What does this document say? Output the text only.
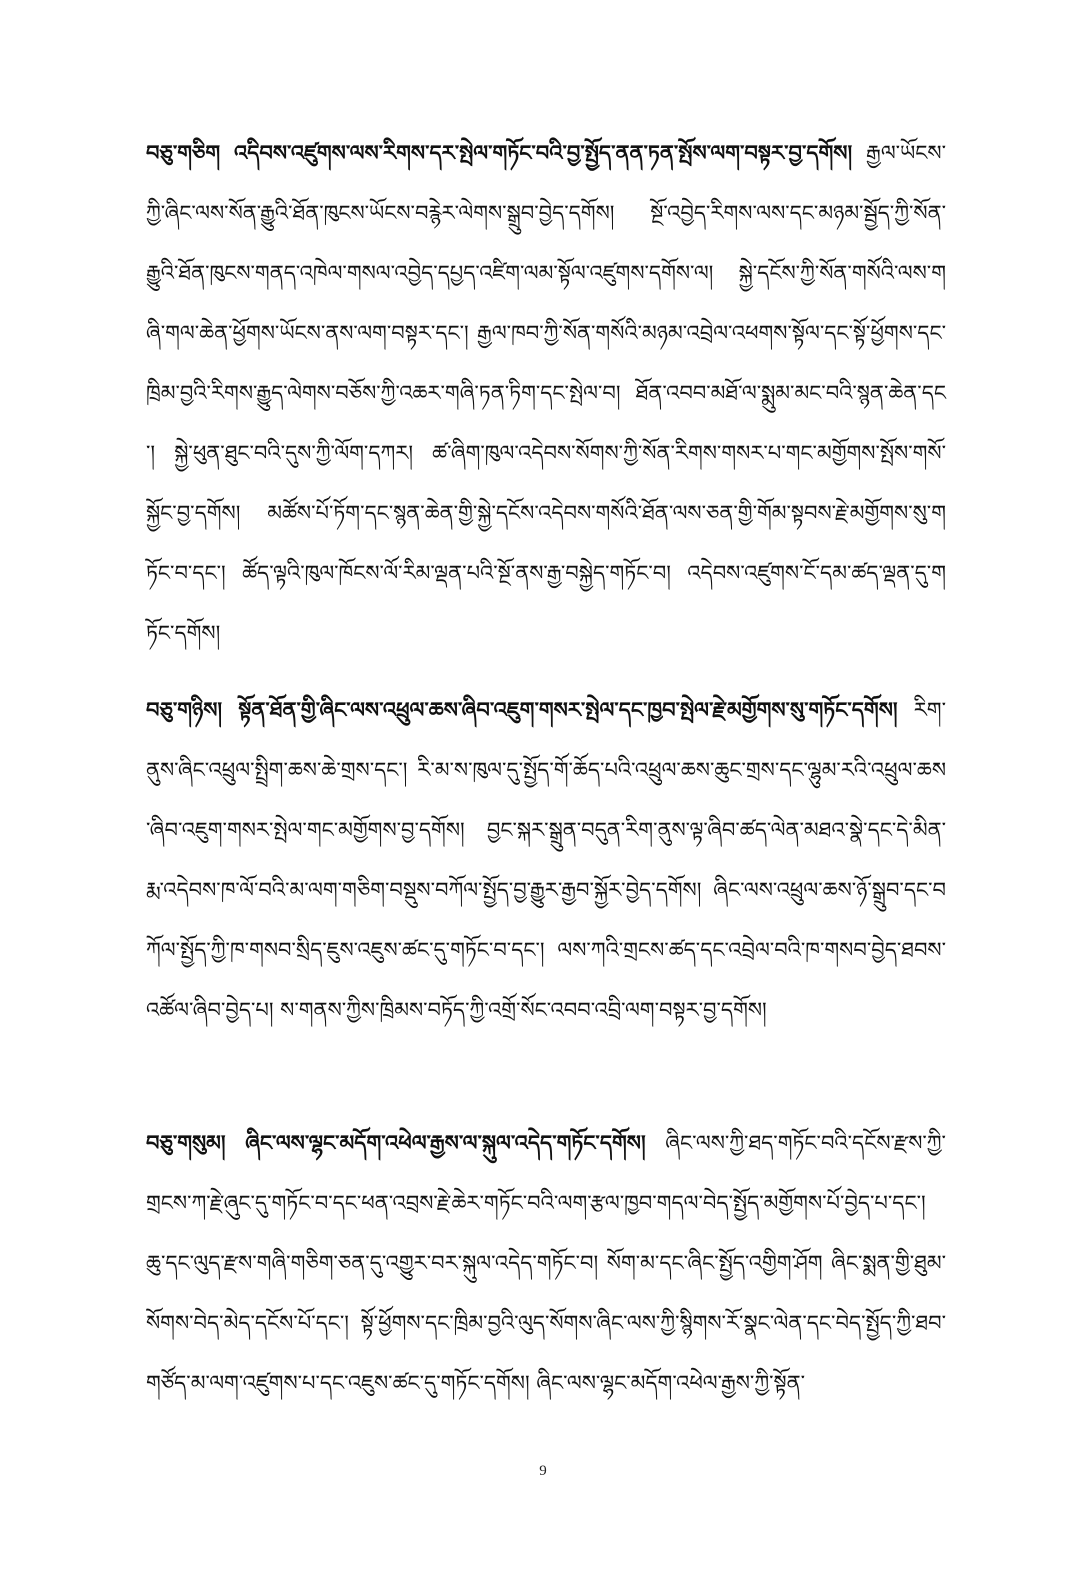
བཅུ་གཅིག འདིབས་འཛུགས་ལས་རིགས་དར་སྤེལ་གཏོང་བའི་བྱ་སྤྱོད་ནན་ཏན་སྤོས་ལག་བསྟར་བྱ་དགོས། རྒྱལ་ཡོངས་ཀྱི་ཞིང་ལས་སོན་རྒྱུའི་ཐོན་ཁུངས་ཡོངས་བརྙེར་ལེགས་སྒྲུབ་བྱེད་དགོས། སྔོ་འབྱེད་རིགས་ལས་དང་མཉམ་སྦྱོད་ཀྱི་སོན་རྒྱུའི་ཐོན་ཁུངས་གནད་འཁེལ་གསལ་འབྱེད་དཔྱད་འཛིག་ལམ་སྟོལ་འཛུགས་དགོས་ལ། སྐྱེ་དངོས་ཀྱི་སོན་གསོའི་ལས་གཞི་གལ་ཆེན་ཕྱོགས་ཡོངས་ནས་ལག་བསྟར་དང་། རྒྱལ་ཁབ་ཀྱི་སོན་གསོའི་མཉམ་འབྲེལ་འཕགས་སྟོལ་དང་སྟོ་ཕྱོགས་དང་ཁྲིམ་བྱའི་རིགས་རྒྱུད་ལེགས་བཅོས་ཀྱི་འཆར་གཞི་ཏན་ཏིག་དང་སྤེལ་བ། ཐོན་འབབ་མཐོ་ལ་སྨུམ་མང་བའི་སྙན་ཆེན་དང་། སྐྱེ་ཕུན་ཐུང་བའི་དུས་ཀྱི་ལོག་དཀར། ཚ་ཞིག་ཁུལ་འདེབས་སོགས་ཀྱི་སོན་རིགས་གསར་པ་གང་མགྱོགས་སྤོས་གསོ་སྐྱོང་བྱ་དགོས། མཚོས་པོ་ཏོག་དང་སྙན་ཆེན་གྱི་སྐྱེ་དངོས་འདེབས་གསོའི་ཐོན་ལས་ཅན་གྱི་གོམ་སྟབས་རྗེ་མགྱོགས་སུ་གཏོང་བ་དང་། ཚོད་ལྟའི་ཁུལ་ཁོངས་ལོ་རིམ་ལྡན་པའི་སྔོ་ནས་རྒྱ་བསྐྱེད་གཏོང་བ། འདེབས་འཛུགས་ངོ་དམ་ཚད་ལྡན་དུ་གཏོང་དགོས།

བཅུ་གཉིས། སྟོན་ཐོན་གྱི་ཞིང་ལས་འཕྲུལ་ཆས་ཞིབ་འཇུག་གསར་སྤེལ་དང་ཁྱབ་སྤེལ་རྗེ་མགྱོགས་སུ་གཏོང་དགོས། རིག་ནུས་ཞིང་འཕྲུལ་སྤྲིག་ཆས་ཆེ་གྲས་དང་། རི་མ་ས་ཁུལ་དུ་སྤྱོད་གོ་ཆོད་པའི་འཕྲུལ་ཆས་ཆུང་གྲས་དང་ལྷུམ་རའི་འཕྲུལ་ཆས་ཞིབ་འཇུག་གསར་སྤེལ་གང་མགྱོགས་བྱ་དགོས། བྱང་སྐར་སྒྲུན་བདུན་རིག་ནུས་ལྟ་ཞིབ་ཚད་ལེན་མཐའ་སྣེ་དང་དེ་མིན་རྨ་འདེབས་ཁ་ལོ་བའི་མ་ལག་གཅིག་བསྡུས་བཀོལ་སྤྱོད་བྱ་རྒྱུར་རྒྱབ་སྐྱོར་བྱེད་དགོས། ཞིང་ལས་འཕྲུལ་ཆས་ཉོ་སྒྲུབ་དང་བཀོལ་སྤྱོད་ཀྱི་ཁ་གསབ་སྲིད་ཇུས་འཇུས་ཚང་དུ་གཏོང་བ་དང་། ལས་ཀའི་གྲངས་ཚད་དང་འབྲེལ་བའི་ཁ་གསབ་བྱེད་ཐབས་འཚོལ་ཞིབ་བྱེད་པ། ས་གནས་ཀྱིས་ཁྲིམས་བཏོད་ཀྱི་འགྲོ་སོང་འབབ་འབྲི་ལག་བསྟར་བྱ་དགོས།

བཅུ་གསུམ། ཞིང་ལས་ལྷང་མདོག་འཕེལ་རྒྱས་ལ་སྐུལ་འདེད་གཏོང་དགོས། ཞིང་ལས་ཀྱི་ཐད་གཏོང་བའི་དངོས་རྫས་ཀྱི་གྲངས་ཀ་རྗེ་ཞུང་དུ་གཏོང་བ་དང་ཕན་འབྲས་རྗེ་ཆེར་གཏོང་བའི་ལག་རྩལ་ཁྱབ་གདལ་བེད་སྤྱོད་མགྱོགས་པོ་བྱེད་པ་དང་། ཆུ་དང་ལུད་རྫས་གཞི་གཅིག་ཅན་དུ་འགྱུར་བར་སྐུལ་འདེད་གཏོང་བ། སོག་མ་དང་ཞིང་སྤྱོད་འགྱིག་ཤོག ཞིང་སྨན་གྱི་ཐུམ་སོགས་བེད་མེད་དངོས་པོ་དང་། སྟོ་ཕྱོགས་དང་ཁྲིམ་བྱའི་ལུད་སོགས་ཞིང་ལས་ཀྱི་སྙིགས་རོ་སྣང་ལེན་དང་བེད་སྤྱོད་ཀྱི་ཐབ་གཙོད་མ་ལག་འཛུགས་པ་དང་འཇུས་ཚང་དུ་གཏོང་དགོས། ཞིང་ལས་ལྷང་མདོག་འཕེལ་རྒྱས་ཀྱི་སྟོན་

9
